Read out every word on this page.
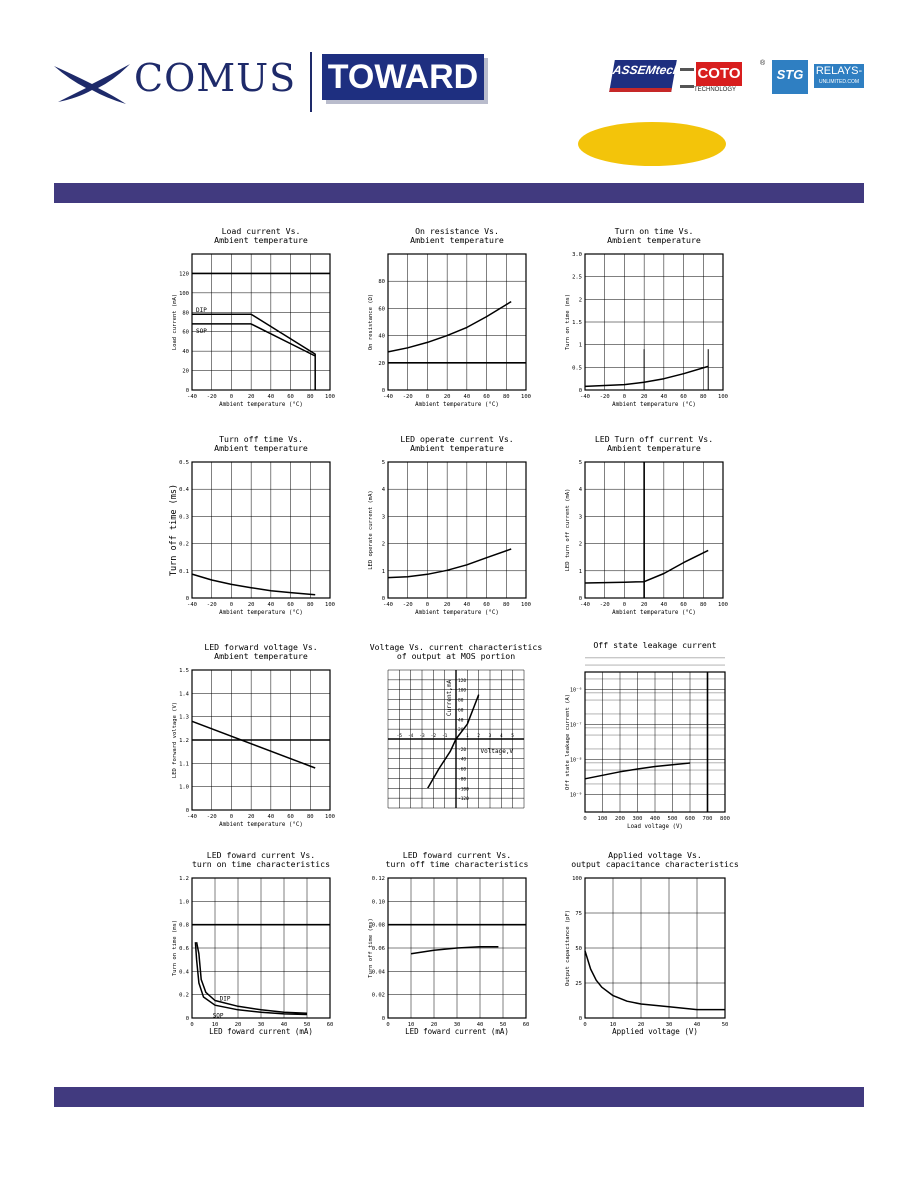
COMUS TOWARD	ASSEMtech COTO
TECHNOLOGY
®
STG	RELAYS-
UNLIMITED.COM
Load current Vs.
Ambient temperature
-40 -20 0	20 40 60 80 100
0
20
40
60
80
100
120
Ambient temperature (°C)
Load current (mA)	DIP
SOP
On resistance Vs.
Ambient temperature
-40 -20 0	20 40 60 80 100
0
20
40
60
80
Ambient temperature (°C)
On resistance (Ω)
Turn on time Vs.
Ambient temperature
-40 -20 0	20 40 60 80 100
0
0.5
1
1.5
2
2.5
3.0
Ambient temperature (°C)
Turn on time (ms)
Turn off time Vs.
Ambient temperature
-40 -20 0	20 40 60 80 100
0
0.1
0.2
0.3
0.4
0.5
Ambient temperature (°C)
Turn off time (ms)
LED operate current Vs.
Ambient temperature
-40 -20 0	20 40 60 80 100
0
1
2
3
4
5
Ambient temperature (°C)
LED operate current (mA)
LED Turn off current Vs.
Ambient temperature
-40 -20 0	20 40 60 80 100
0
1
2
3
4
5
Ambient temperature (°C)
LED turn off current (mA)
LED forward voltage Vs.
Ambient temperature
-40 -20 0	20 40 60 80 100
0
1.0
1.1
1.2
1.3
1.4
1.5
Ambient temperature (°C)
LED forward voltage (V)
Voltage Vs. current characteristics
of output at MOS portion
-5 -4 -3 -2 -1	1 2 3 4 5
-120
-100
-80
-60
-40
-20
20
40
60
80
100
120
Current,mA
Voltage,V
Off state leakage current
0 100 200 300 400 500 600 700 800
10⁻⁹
10⁻⁸
10⁻⁷
10⁻⁶
Load voltage (V)
Off state leakage current (A)
LED foward current Vs.
turn on time characteristics
0	10	20	30	40	50	60
0
0.2
0.4
0.6
0.8
1.0
1.2
LED foward current (mA)
Turn on time (ms)
DIP
SOP
LED foward current Vs.
turn off time characteristics
0	10	20	30	40	50	60
0
0.02
0.04
0.06
0.08
0.10
0.12
LED foward current (mA)
Turn off time (ms)
Applied voltage Vs.
output capacitance characteristics
0	10	20	30	40	50
0
25
50
75
100
Applied voltage (V)
Output capacitance (pF)
